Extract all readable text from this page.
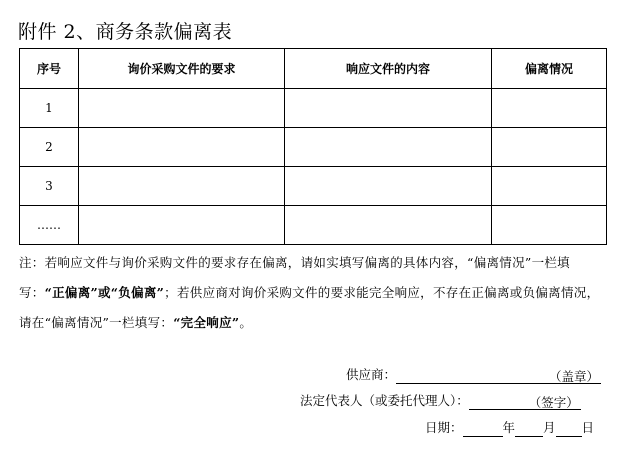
附件 2、商务条款偏离表
序号	询价采购文件的要求	响应文件的内容	偏离情况
1			
2			
3			
……			
注：若响应文件与询价采购文件的要求存在偏离，请如实填写偏离的具体内容，“偏离情况”一栏填写：“正偏离”或“负偏离”；若供应商对询价采购文件的要求能完全响应，不存在正偏离或负偏离情况，请在“偏离情况”一栏填写：“完全响应”。
供应商：	（盖章）
法定代表人（或委托代理人）：	（签字）
日期：	年 月 日
